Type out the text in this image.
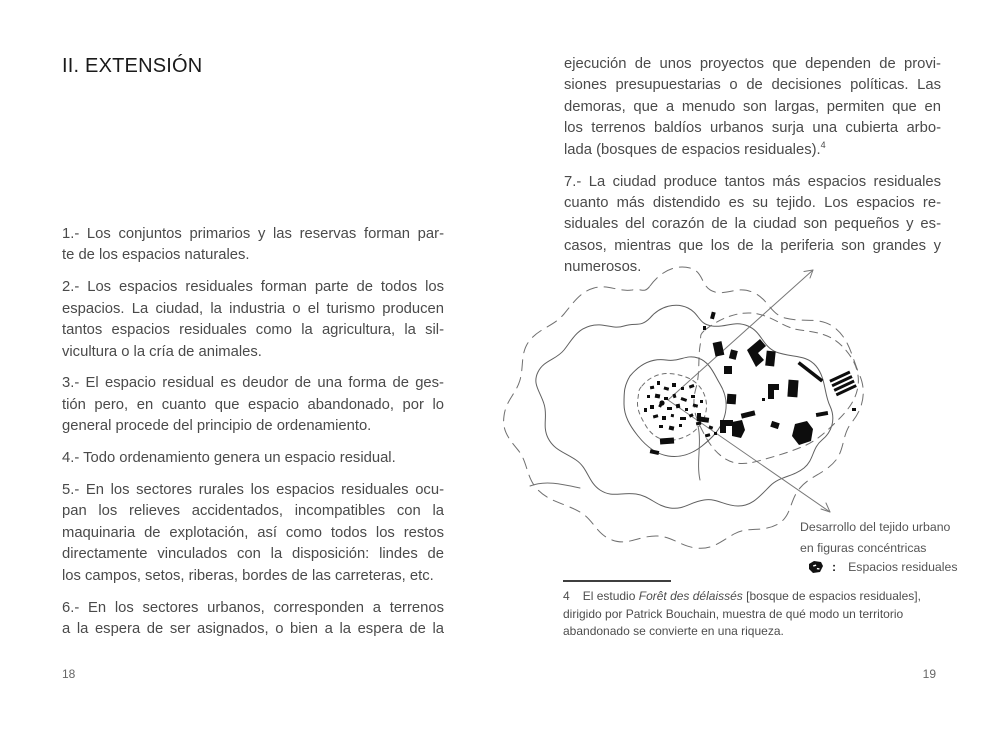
II. EXTENSIÓN
1.- Los conjuntos primarios y las reservas forman par-
te de los espacios naturales.
2.- Los espacios residuales forman parte de todos los
espacios. La ciudad, la industria o el turismo producen
tantos espacios residuales como la agricultura, la sil-
vicultura o la cría de animales.
3.- El espacio residual es deudor de una forma de ges-
tión pero, en cuanto que espacio abandonado, por lo
general procede del principio de ordenamiento.
4.- Todo ordenamiento genera un espacio residual.
5.- En los sectores rurales los espacios residuales ocu-
pan los relieves accidentados, incompatibles con la
maquinaria de explotación, así como todos los restos
directamente vinculados con la disposición: lindes de
los campos, setos, riberas, bordes de las carreteras, etc.
6.- En los sectores urbanos, corresponden a terrenos
a la espera de ser asignados, o bien a la espera de la
18
ejecución de unos proyectos que dependen de provi-
siones presupuestarias o de decisiones políticas. Las
demoras, que a menudo son largas, permiten que en
los terrenos baldíos urbanos surja una cubierta arbo-
lada (bosques de espacios residuales).$^4$
7.- La ciudad produce tantos más espacios residuales
cuanto más distendido es su tejido. Los espacios re-
siduales del corazón de la ciudad son pequeños y es-
casos, mientras que los de la periferia son grandes y
numerosos.
Desarrollo del tejido urbano
en figuras concéntricas
: Espacios residuales
4 El estudio Forêt des délaissés [bosque de espacios residuales],
dirigido por Patrick Bouchain, muestra de qué modo un territorio
abandonado se convierte en una riqueza.
19
